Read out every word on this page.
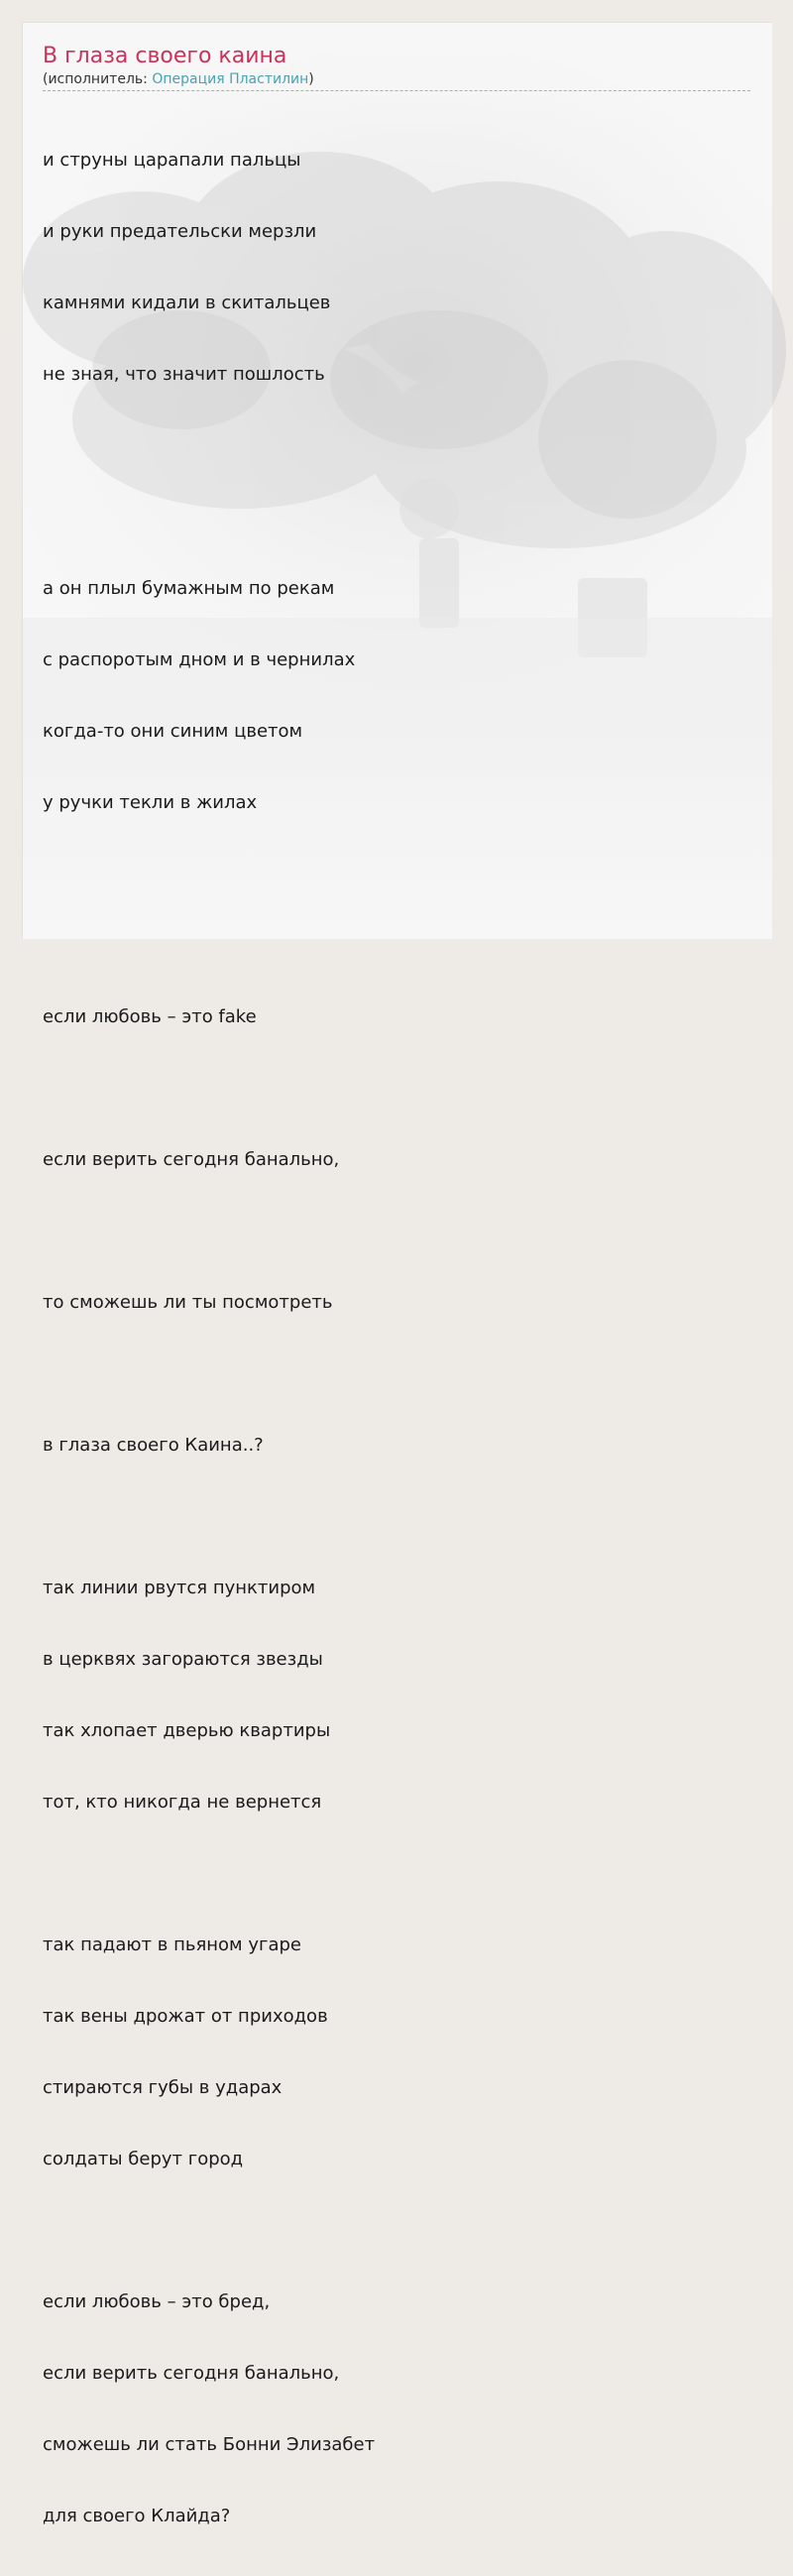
В глаза своего каина
(исполнитель: Операция Пластилин)

и струны царапали пальцы

и руки предательски мерзли

камнями кидали в скитальцев

не зная, что значит пошлость

а он плыл бумажным по рекам

с распоротым дном и в чернилах

когда-то они синим цветом

у ручки текли в жилах

если любовь – это fake

если верить сегодня банально,

то сможешь ли ты посмотреть

в глаза своего Каина..?

так линии рвутся пунктиром

в церквях загораются звезды

так хлопает дверью квартиры

тот, кто никогда не вернется

так падают в пьяном угаре

так вены дрожат от приходов

стираются губы в ударах

солдаты берут город

если любовь – это бред,

если верить сегодня банально,

сможешь ли стать Бонни Элизабет

для своего Клайда?
